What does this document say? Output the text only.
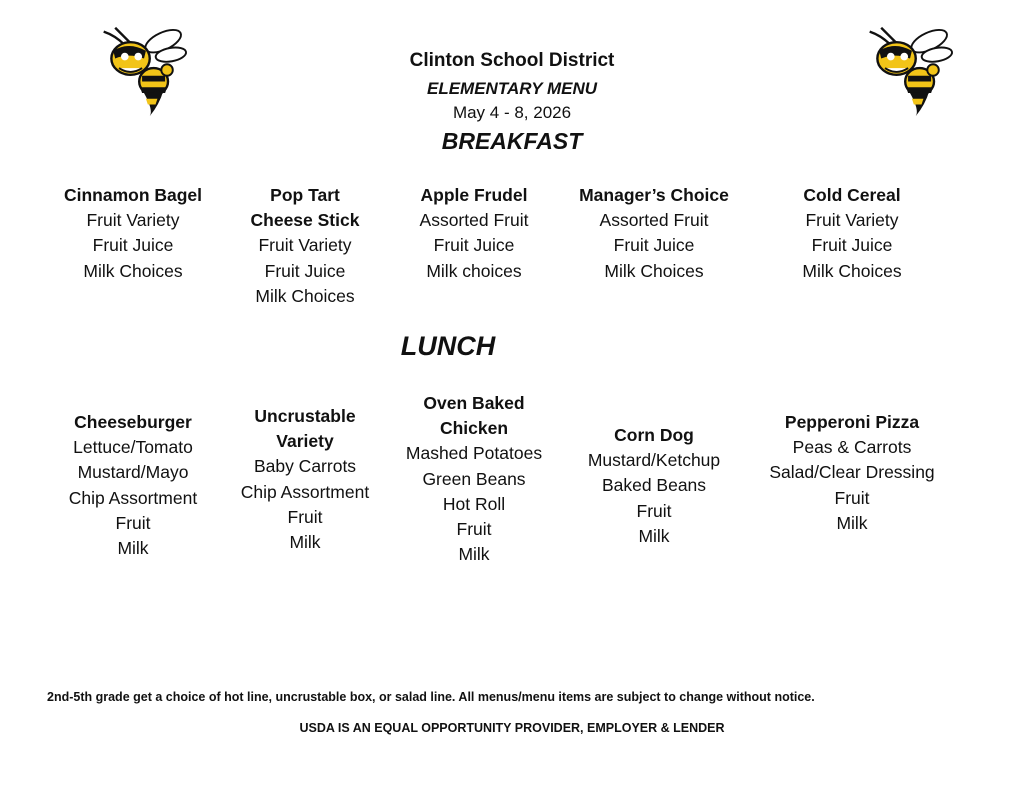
Clinton School District
ELEMENTARY MENU
May 4 - 8, 2026
BREAKFAST
Cinnamon Bagel
Fruit Variety
Fruit Juice
Milk Choices
Pop Tart
Cheese Stick
Fruit Variety
Fruit Juice
Milk Choices
Apple Frudel
Assorted Fruit
Fruit Juice
Milk choices
Manager’s Choice
Assorted Fruit
Fruit Juice
Milk Choices
Cold Cereal
Fruit Variety
Fruit Juice
Milk Choices
LUNCH
Cheeseburger
Lettuce/Tomato
Mustard/Mayo
Chip Assortment
Fruit
Milk
Uncrustable
Variety
Baby Carrots
Chip Assortment
Fruit
Milk
Oven Baked
Chicken
Mashed Potatoes
Green Beans
Hot Roll
Fruit
Milk
Corn Dog
Mustard/Ketchup
Baked Beans
Fruit
Milk
Pepperoni Pizza
Peas & Carrots
Salad/Clear Dressing
Fruit
Milk
2nd-5th grade get a choice of hot line, uncrustable box, or salad line. All menus/menu items are subject to change without notice.
USDA IS AN EQUAL OPPORTUNITY PROVIDER, EMPLOYER & LENDER
